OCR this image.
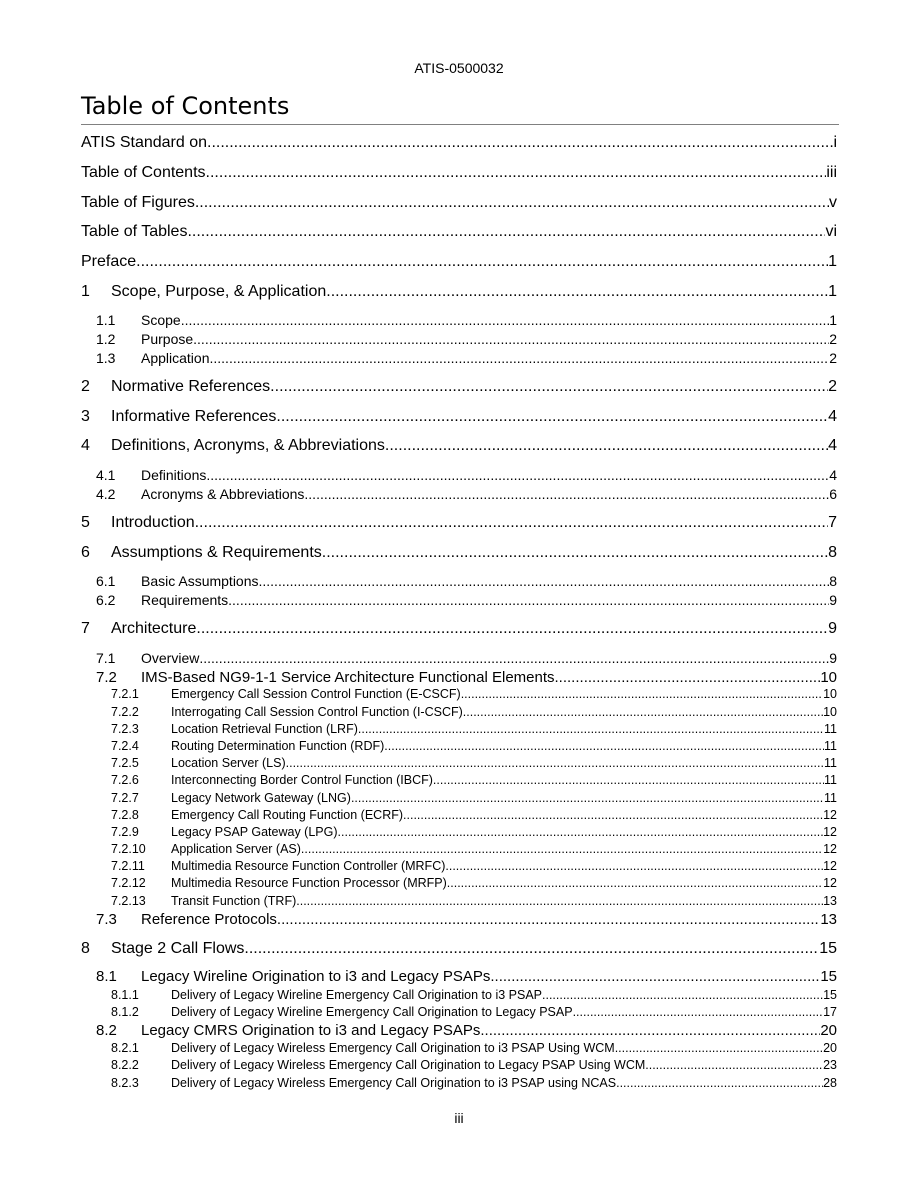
ATIS-0500032
Table of Contents
ATIS Standard on .....	i
Table of Contents .....	iii
Table of Figures .....	v
Table of Tables .....	vi
Preface .....	1
1	Scope, Purpose, & Application .....	1
1.1	Scope .....	1
1.2	Purpose .....	2
1.3	Application .....	2
2	Normative References .....	2
3	Informative References .....	4
4	Definitions, Acronyms, & Abbreviations .....	4
4.1	Definitions .....	4
4.2	Acronyms & Abbreviations .....	6
5	Introduction .....	7
6	Assumptions & Requirements .....	8
6.1	Basic Assumptions .....	8
6.2	Requirements .....	9
7	Architecture .....	9
7.1	Overview .....	9
7.2	IMS-Based NG9-1-1 Service Architecture Functional Elements .....	10
7.2.1	Emergency Call Session Control Function (E-CSCF) .....	10
7.2.2	Interrogating Call Session Control Function (I-CSCF) .....	10
7.2.3	Location Retrieval Function (LRF) .....	11
7.2.4	Routing Determination Function (RDF) .....	11
7.2.5	Location Server (LS) .....	11
7.2.6	Interconnecting Border Control Function (IBCF) .....	11
7.2.7	Legacy Network Gateway (LNG) .....	11
7.2.8	Emergency Call Routing Function (ECRF) .....	12
7.2.9	Legacy PSAP Gateway (LPG) .....	12
7.2.10	Application Server (AS) .....	12
7.2.11	Multimedia Resource Function Controller (MRFC) .....	12
7.2.12	Multimedia Resource Function Processor (MRFP) .....	12
7.2.13	Transit Function (TRF) .....	13
7.3	Reference Protocols .....	13
8	Stage 2 Call Flows .....	15
8.1	Legacy Wireline Origination to i3 and Legacy PSAPs .....	15
8.1.1	Delivery of Legacy Wireline Emergency Call Origination to i3 PSAP .....	15
8.1.2	Delivery of Legacy Wireline Emergency Call Origination to Legacy PSAP .....	17
8.2	Legacy CMRS Origination to i3 and Legacy PSAPs .....	20
8.2.1	Delivery of Legacy Wireless Emergency Call Origination to i3 PSAP Using WCM .....	20
8.2.2	Delivery of Legacy Wireless Emergency Call Origination to Legacy PSAP Using WCM .....	23
8.2.3	Delivery of Legacy Wireless Emergency Call Origination to i3 PSAP using NCAS .....	28
iii
